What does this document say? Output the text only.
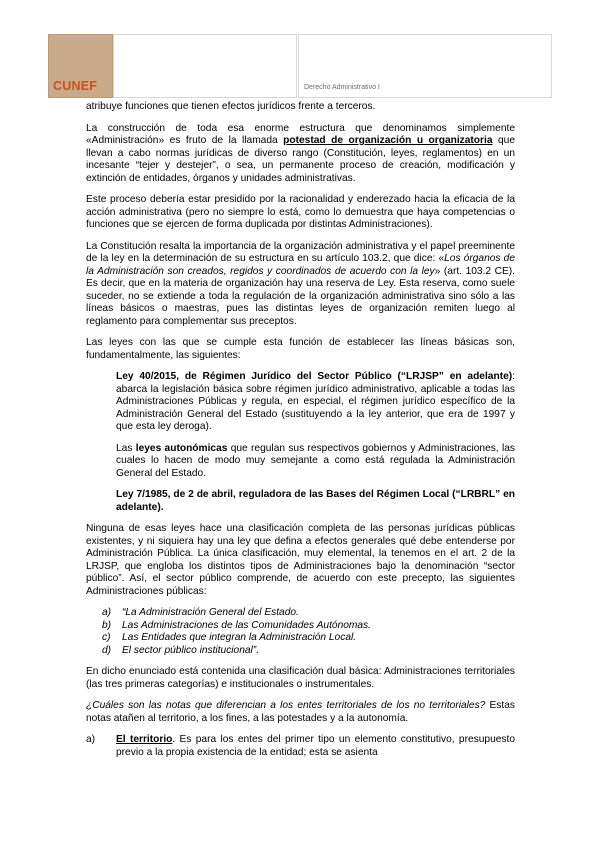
CUNEF	Derecho Administrativo I

atribuye funciones que tienen efectos jurídicos frente a terceros.

La construcción de toda esa enorme estructura que denominamos simplemente «Administración» es fruto de la llamada potestad de organización u organizatoria que llevan a cabo normas jurídicas de diverso rango (Constitución, leyes, reglamentos) en un incesante “tejer y destejer”, o sea, un permanente proceso de creación, modificación y extinción de entidades, órganos y unidades administrativas.

Este proceso debería estar presidido por la racionalidad y enderezado hacia la eficacia de la acción administrativa (pero no siempre lo está, como lo demuestra que haya competencias o funciones que se ejercen de forma duplicada por distintas Administraciones).

La Constitución resalta la importancia de la organización administrativa y el papel preeminente de la ley en la determinación de su estructura en su artículo 103.2, que dice: «Los órganos de la Administración son creados, regidos y coordinados de acuerdo con la ley» (art. 103.2 CE). Es decir, que en la materia de organización hay una reserva de Ley. Esta reserva, como suele suceder, no se extiende a toda la regulación de la organización administrativa sino sólo a las líneas básicos o maestras, pues las distintas leyes de organización remiten luego al reglamento para complementar sus preceptos.

Las leyes con las que se cumple esta función de establecer las líneas básicas son, fundamentalmente, las siguientes:

Ley 40/2015, de Régimen Jurídico del Sector Público (“LRJSP” en adelante): abarca la legislación básica sobre régimen jurídico administrativo, aplicable a todas las Administraciones Públicas y regula, en especial, el régimen jurídico específico de la Administración General del Estado (sustituyendo a la ley anterior, que era de 1997 y que esta ley deroga).

Las leyes autonómicas que regulan sus respectivos gobiernos y Administraciones, las cuales lo hacen de modo muy semejante a como está regulada la Administración General del Estado.

Ley 7/1985, de 2 de abril, reguladora de las Bases del Régimen Local (“LRBRL” en adelante).

Ninguna de esas leyes hace una clasificación completa de las personas jurídicas públicas existentes, y ni siquiera hay una ley que defina a efectos generales qué debe entenderse por Administración Pública. La única clasificación, muy elemental, la tenemos en el art. 2 de la LRJSP, que engloba los distintos tipos de Administraciones bajo la denominación “sector público”. Así, el sector público comprende, de acuerdo con este precepto, las siguientes Administraciones públicas:

a) “La Administración General del Estado.
b) Las Administraciones de las Comunidades Autónomas.
c) Las Entidades que integran la Administración Local.
d) El sector público institucional”.

En dicho enunciado está contenida una clasificación dual básica: Administraciones territoriales (las tres primeras categorías) e institucionales o instrumentales.

¿Cuáles son las notas que diferencian a los entes territoriales de los no territoriales? Estas notas atañen al territorio, a los fines, a las potestades y a la autonomía.

a) El territorio. Es para los entes del primer tipo un elemento constitutivo, presupuesto previo a la propia existencia de la entidad; esta se asienta
